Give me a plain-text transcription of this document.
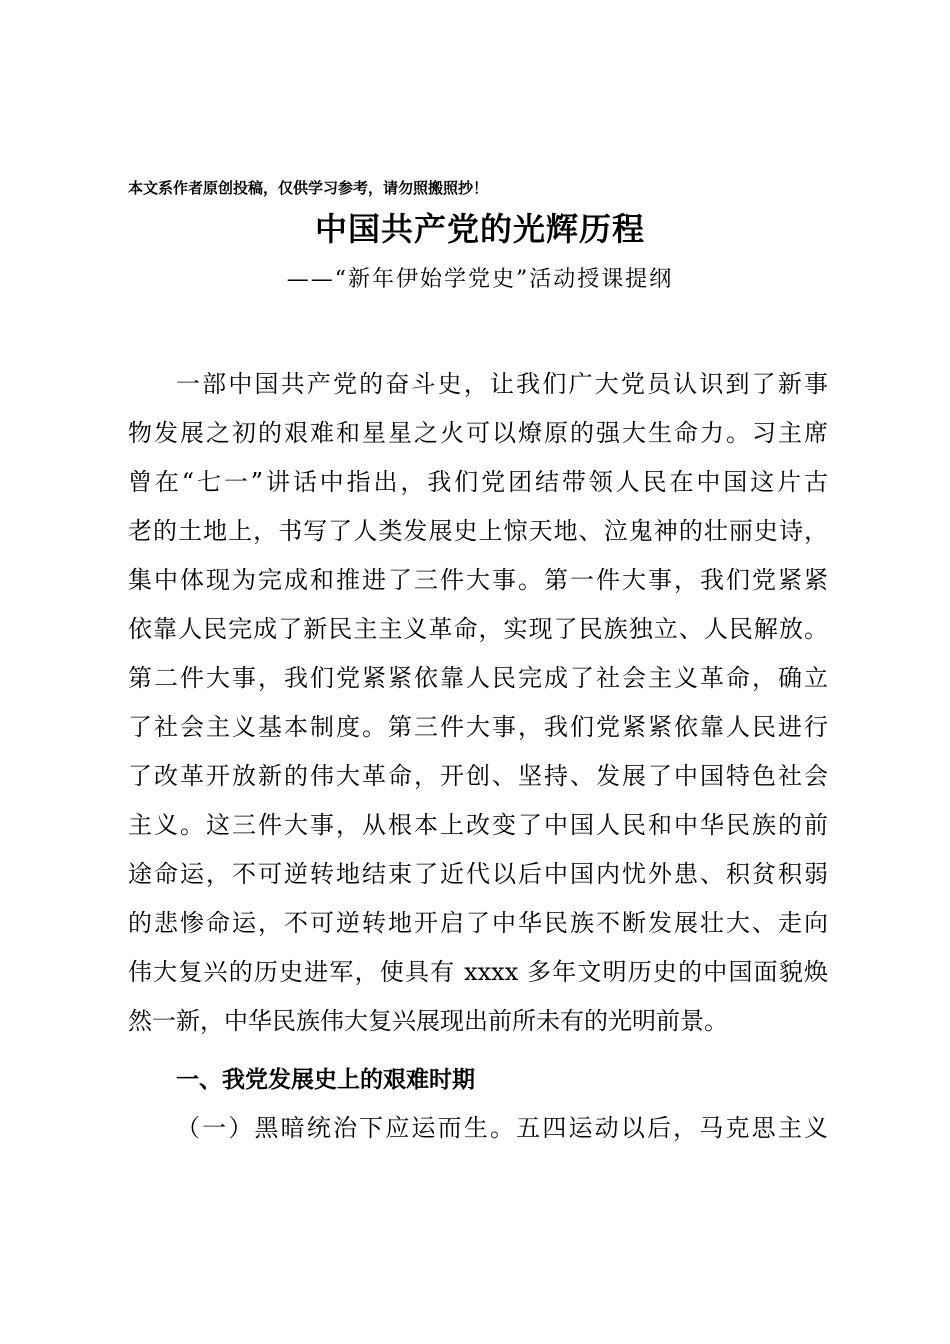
本文系作者原创投稿，仅供学习参考，请勿照搬照抄！
中国共产党的光辉历程
——“新年伊始学党史”活动授课提纲
一部中国共产党的奋斗史，让我们广大党员认识到了新事
物发展之初的艰难和星星之火可以燎原的强大生命力。习主席
曾在“七一”讲话中指出，我们党团结带领人民在中国这片古
老的土地上，书写了人类发展史上惊天地、泣鬼神的壮丽史诗，
集中体现为完成和推进了三件大事。第一件大事，我们党紧紧
依靠人民完成了新民主主义革命，实现了民族独立、人民解放。
第二件大事，我们党紧紧依靠人民完成了社会主义革命，确立
了社会主义基本制度。第三件大事，我们党紧紧依靠人民进行
了改革开放新的伟大革命，开创、坚持、发展了中国特色社会
主义。这三件大事，从根本上改变了中国人民和中华民族的前
途命运，不可逆转地结束了近代以后中国内忧外患、积贫积弱
的悲惨命运，不可逆转地开启了中华民族不断发展壮大、走向
伟大复兴的历史进军，使具有 xxxx 多年文明历史的中国面貌焕
然一新，中华民族伟大复兴展现出前所未有的光明前景。
一、我党发展史上的艰难时期
（一）黑暗统治下应运而生。五四运动以后，马克思主义
